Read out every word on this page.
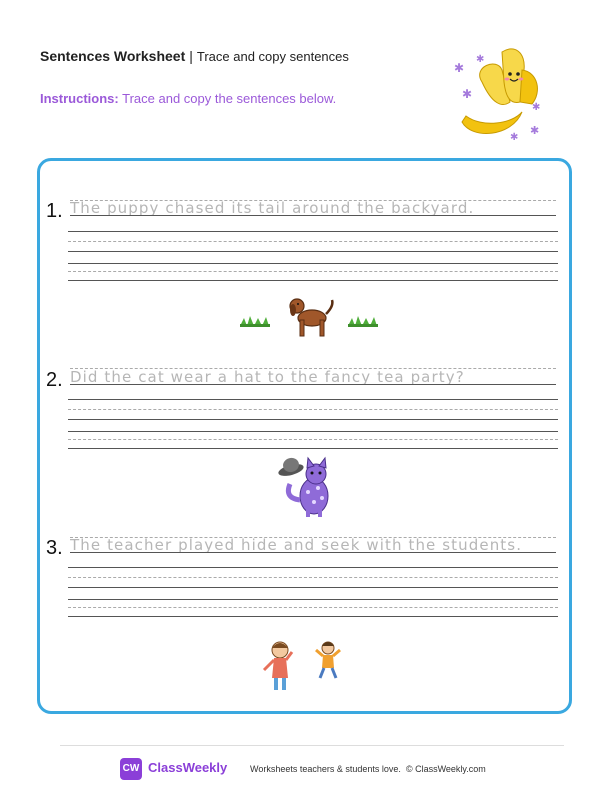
Sentences Worksheet | Trace and copy sentences
Instructions: Trace and copy the sentences below.
✱
✱
✱
✱
✱
✱
1. The puppy chased its tail around the backyard.
2. Did the cat wear a hat to the fancy tea party?
3. The teacher played hide and seek with the students.
CW ClassWeekly	Worksheets teachers & students love. © ClassWeekly.com
